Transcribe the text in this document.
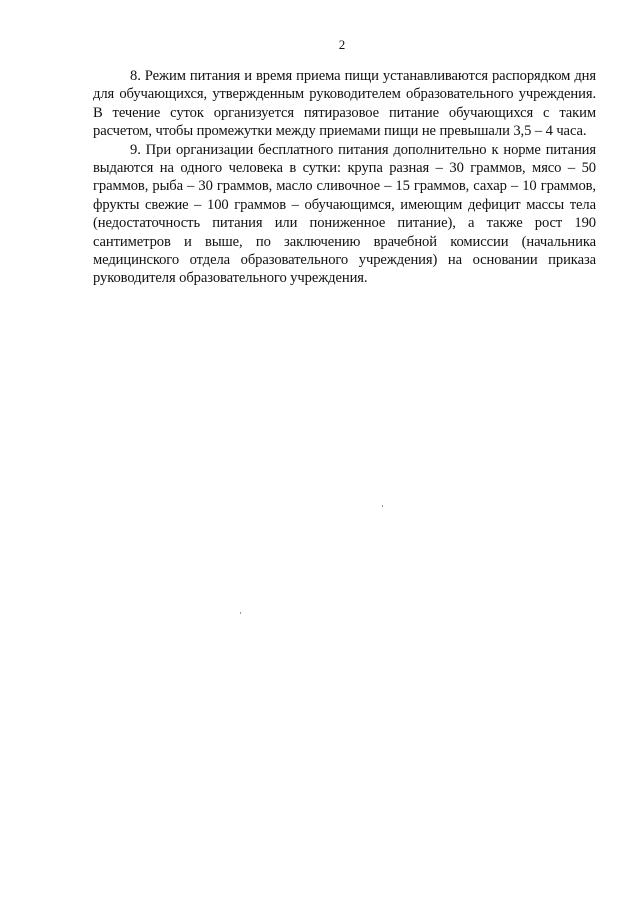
2

8. Режим питания и время приема пищи устанавливаются распорядком дня для обучающихся, утвержденным руководителем образовательного учреждения. В течение суток организуется пятиразовое питание обучающихся с таким расчетом, чтобы промежутки между приемами пищи не превышали 3,5 – 4 часа.

9. При организации бесплатного питания дополнительно к норме питания выдаются на одного человека в сутки: крупа разная – 30 граммов, мясо – 50 граммов, рыба – 30 граммов, масло сливочное – 15 граммов, сахар – 10 граммов, фрукты свежие – 100 граммов – обучающимся, имеющим дефицит массы тела (недостаточность питания или пониженное питание), а также рост 190 сантиметров и выше, по заключению врачебной комиссии (начальника медицинского отдела образовательного учреждения) на основании приказа руководителя образовательного учреждения.
